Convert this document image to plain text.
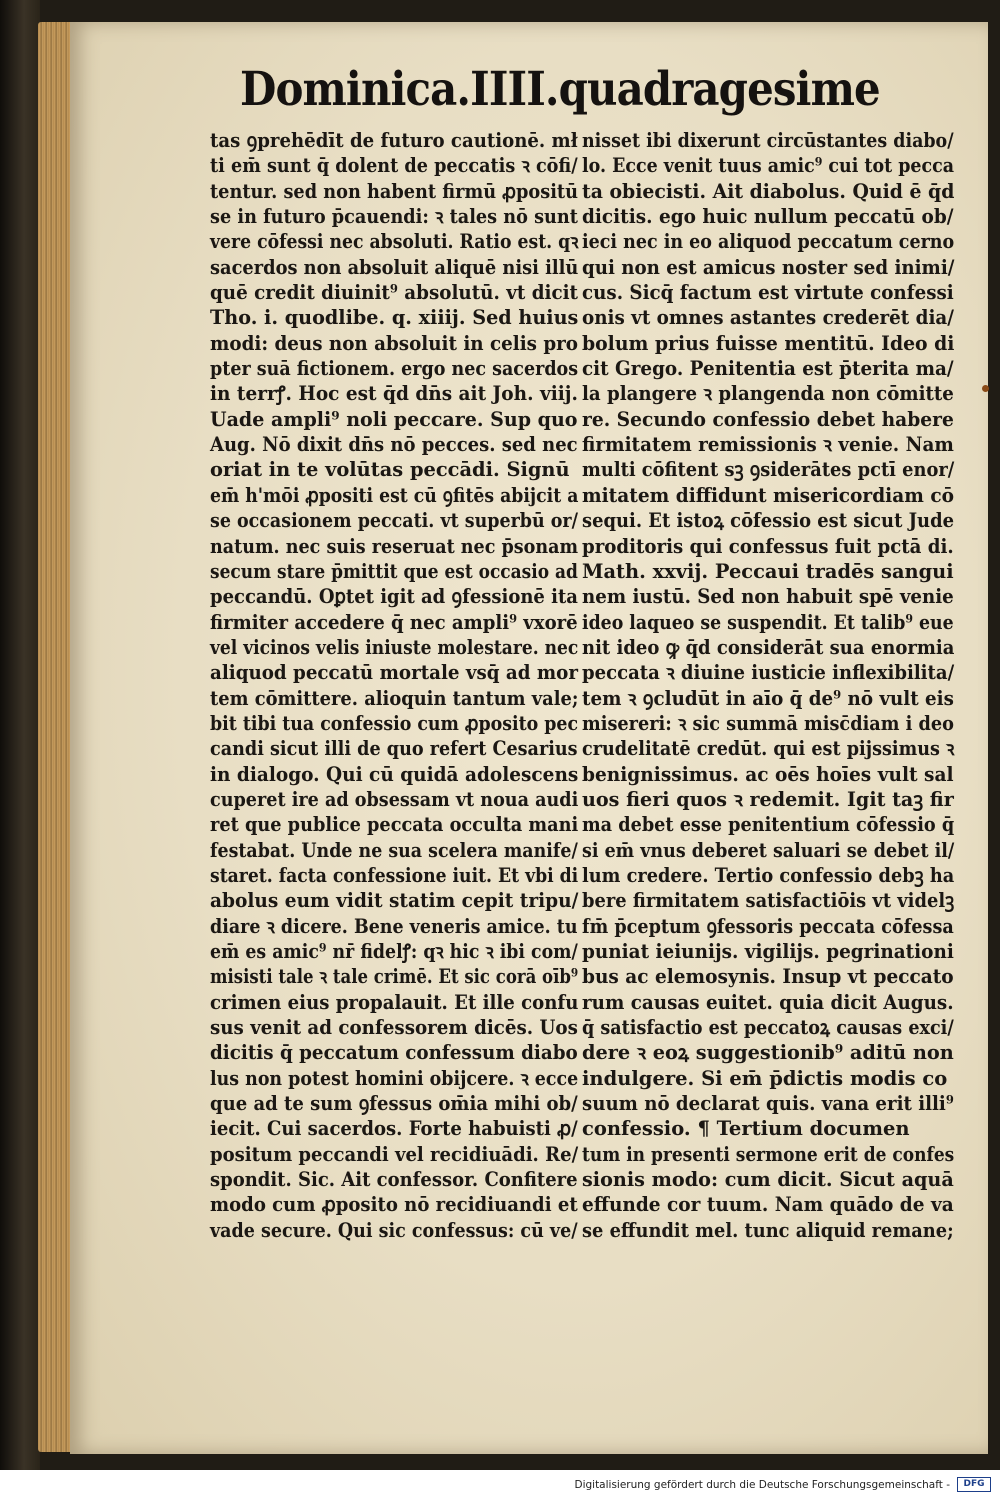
Dominica.IIII.quadragesime
tas ꝯprehēdīt de futuro cautionē. mł
ti em̄ sunt q̄ dolent de peccatis ꝛ cōfi/
tentur. sed non habent firmū ꝓpositū
se in futuro p̄cauendi: ꝛ tales nō sunt
vere cōfessi nec absoluti. Ratio est. qꝛ
sacerdos non absoluit aliquē nisi illū
quē credit diuinit⁹ absolutū. vt dicit
Tho. i. quodlibe. q. xiiij. Sed huius
modi: deus non absoluit in celis pro
pter suā fictionem. ergo nec sacerdos
in terrꝭ. Hoc est q̄d dn̄s ait Joh. viij.
Uade ampli⁹ noli peccare. Sup quo
Aug. Nō dixit dn̄s nō pecces. sed nec
oriat in te volūtas peccādi. Signū
em̄ h'mōi ꝓpositi est cū ꝯfitēs abijcit a
se occasionem peccati. vt superbū or/
natum. nec suis reseruat nec p̄sonam
secum stare p̄mittit que est occasio ad
peccandū. Oꝑtet igit ad ꝯfessionē ita
firmiter accedere q̄ nec ampli⁹ vxorē
vel vicinos velis iniuste molestare. nec
aliquod peccatū mortale vsq̄ ad mor
tem cōmittere. alioquin tantum vale;
bit tibi tua confessio cum ꝓposito pec
candi sicut illi de quo refert Cesarius
in dialogo. Qui cū quidā adolescens
cuperet ire ad obsessam vt noua audi
ret que publice peccata occulta mani
festabat. Unde ne sua scelera manife/
staret. facta confessione iuit. Et vbi di
abolus eum vidit statim cepit tripu/
diare ꝛ dicere. Bene veneris amice. tu
em̄ es amic⁹ nr̄ fidelꝭ: qꝛ hic ꝛ ibi com/
misisti tale ꝛ tale crimē. Et sic corā oīb⁹
crimen eius propalauit. Et ille confu
sus venit ad confessorem dicēs. Uos
dicitis q̄ peccatum confessum diabo
lus non potest homini obijcere. ꝛ ecce
que ad te sum ꝯfessus om̄ia mihi ob/
iecit. Cui sacerdos. Forte habuisti ꝓ/
positum peccandi vel recidiuādi. Re/
spondit. Sic. Ait confessor. Confitere
modo cum ꝓposito nō recidiuandi et
vade secure. Qui sic confessus: cū ve/
nisset ibi dixerunt circūstantes diabo/
lo. Ecce venit tuus amic⁹ cui tot pecca
ta obiecisti. Ait diabolus. Quid ē q̄d
dicitis. ego huic nullum peccatū ob/
ieci nec in eo aliquod peccatum cerno
qui non est amicus noster sed inimi/
cus. Sicq̄ factum est virtute confessi
onis vt omnes astantes crederēt dia/
bolum prius fuisse mentitū. Ideo di
cit Grego. Penitentia est p̄terita ma/
la plangere ꝛ plangenda non cōmitte
re. Secundo confessio debet habere
firmitatem remissionis ꝛ venie. Nam
multi cōfitent sꝫ ꝯsiderātes pctī enor/
mitatem diffidunt misericordiam cō
sequi. Et istoꝝ cōfessio est sicut Jude
proditoris qui confessus fuit pctā di.
Math. xxvij. Peccaui tradēs sangui
nem iustū. Sed non habuit spē venie
ideo laqueo se suspendit. Et talib⁹ eue
nit ideo ꝙ q̄d considerāt sua enormia
peccata ꝛ diuine iusticie inflexibilita/
tem ꝛ ꝯcludūt in aīo q̄ de⁹ nō vult eis
misereri: ꝛ sic summā misc̄diam i deo
crudelitatē credūt. qui est pijssimus ꝛ
benignissimus. ac oēs hoīes vult sal
uos fieri quos ꝛ redemit. Igit taꝫ fir
ma debet esse penitentium cōfessio q̄
si em̄ vnus deberet saluari se debet il/
lum credere. Tertio confessio debꝫ ha
bere firmitatem satisfactiōis vt videlꝫ
fm̄ p̄ceptum ꝯfessoris peccata cōfessa
puniat ieiunijs. vigilijs. pegrinationi
bus ac elemosynis. Insup vt peccato
rum causas euitet. quia dicit Augus.
q̄ satisfactio est peccatoꝝ causas exci/
dere ꝛ eoꝝ suggestionib⁹ aditū non
indulgere. Si em̄ p̄dictis modis co
suum nō declarat quis. vana erit illi⁹
confessio. ¶ Tertium documen
tum in presenti sermone erit de confes
sionis modo: cum dicit. Sicut aquā
effunde cor tuum. Nam quādo de va
se effundit mel. tunc aliquid remane;
Digitalisierung gefördert durch die Deutsche Forschungsgemeinschaft -	DFG
